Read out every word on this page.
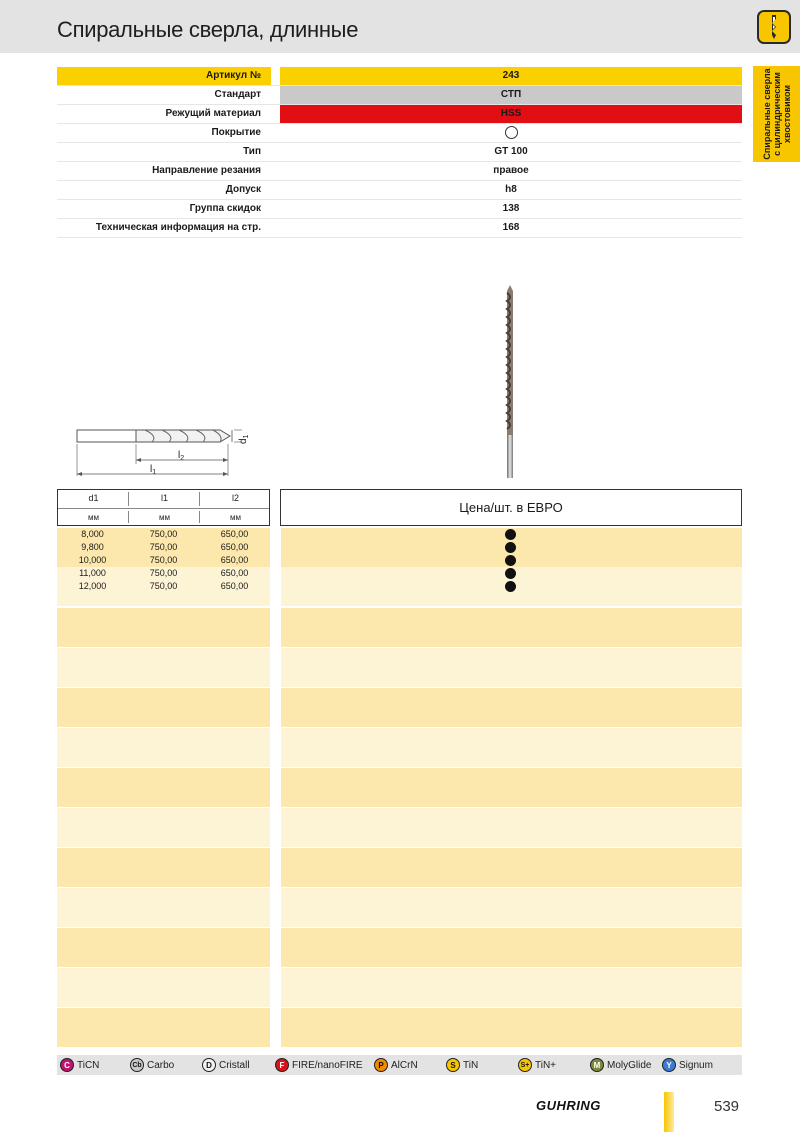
Спиральные сверла, длинные
Спиральные сверла с цилиндрическим хвостовиком
Артикул №	243
Стандарт	СТП
Режущий материал	HSS
Покрытие
Тип	GT 100
Направление резания	правое
Допуск	h8
Группа скидок	138
Техническая информация на стр.	168
$l_2$
$l_1$
$d_1$
d1	l1	l2
мм	мм	мм
Цена/шт. в ЕВРО
8,000	750,00	650,00
9,800	750,00	650,00
10,000	750,00	650,00
11,000	750,00	650,00
12,000	750,00	650,00
C TiCN	Cb Carbo	D Cristall	F FIRE/nanoFIRE	P AlCrN	S TiN	S+ TiN+	M MolyGlide	Y Signum
GUHRING	539
